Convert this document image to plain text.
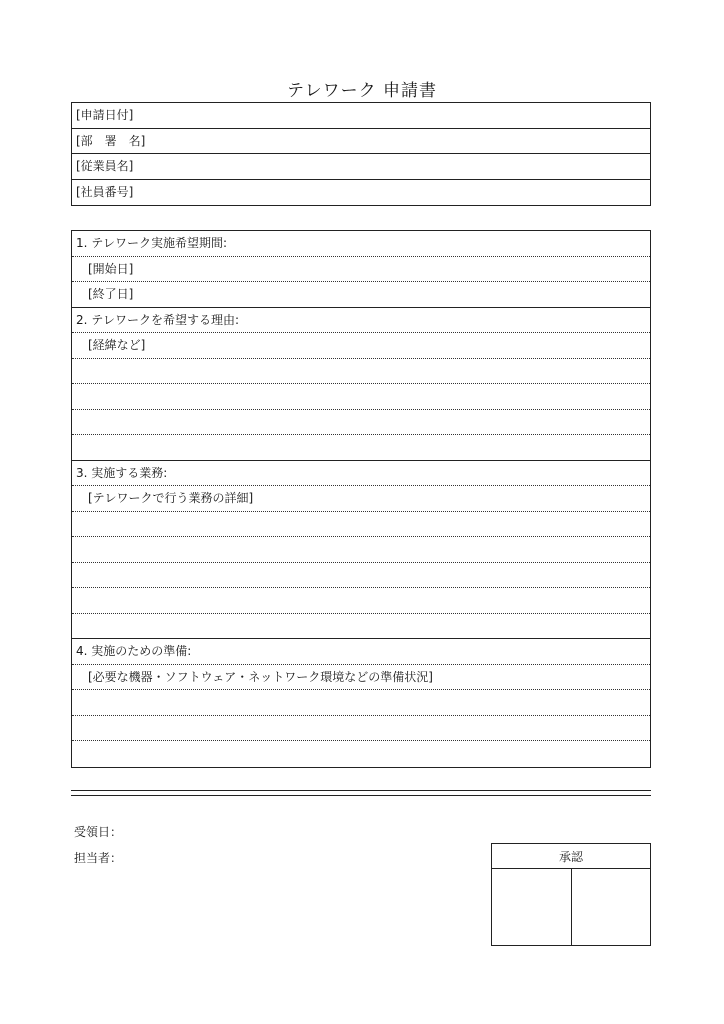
テレワーク 申請書
[申請日付]
[部　署　名]
[従業員名]
[社員番号]
1. テレワーク実施希望期間:
[開始日]
[終了日]
2. テレワークを希望する理由:
[経緯など]
3. 実施する業務:
[テレワークで行う業務の詳細]
4. 実施のための準備:
[必要な機器・ソフトウェア・ネットワーク環境などの準備状況]
受領日：
担当者：	承認
